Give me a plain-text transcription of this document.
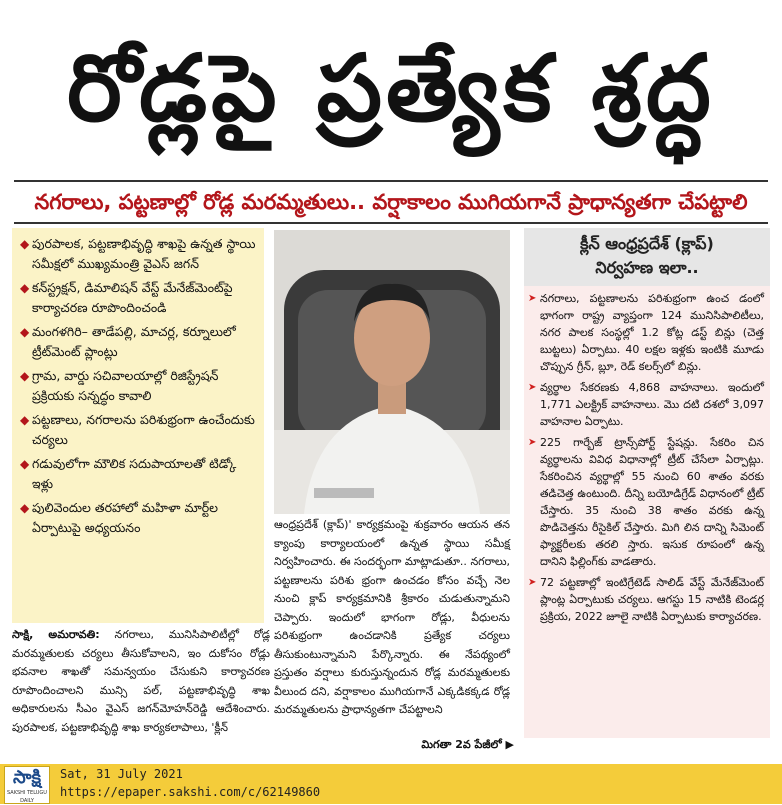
రోడ్లపై ప్రత్యేక శ్రద్ధ
నగరాలు, పట్టణాల్లో రోడ్ల మరమ్మతులు.. వర్షాకాలం ముగియగానే ప్రాధాన్యతగా చేపట్టాలి
◆ పురపాలక, పట్టణాభివృద్ధి శాఖపై ఉన్నత స్థాయి సమీక్షలో ముఖ్యమంత్రి వైఎస్ జగన్
◆ కన్‌స్ట్రక్షన్, డిమాలిషన్ వేస్ట్ మేనేజ్‌మెంట్‌పై కార్యాచరణ రూపొందించండి
◆ మంగళగిరి– తాడేపల్లి, మాచర్ల, కర్నూలులో ట్రీట్‌మెంట్ ప్లాంట్లు
◆ గ్రామ, వార్డు సచివాలయాల్లో రిజిస్ట్రేషన్ ప్రక్రియకు సన్నద్ధం కావాలి
◆ పట్టణాలు, నగరాలను పరిశుభ్రంగా ఉంచేందుకు చర్యలు
◆ గడువులోగా మౌలిక సదుపాయాలతో టిడ్కో ఇళ్లు
◆ పులివెందుల తరహాలో మహిళా మార్ట్‌ల ఏర్పాటుపై అధ్యయనం	ఆంధ్రప్రదేశ్ (క్లాప్)' కార్యక్రమంపై శుక్రవారం ఆయన తన క్యాంపు కార్యాలయంలో ఉన్నత స్థాయి సమీక్ష నిర్వహించారు. ఈ సందర్భంగా మాట్లాడుతూ.. నగరాలు, పట్టణాలను పరిశు భ్రంగా ఉంచడం కోసం వచ్చే నెల నుంచి క్లాప్ కార్యక్రమానికి శ్రీకారం చుడుతున్నామని చెప్పారు. ఇందులో భాగంగా రోడ్లు, వీధులను పరిశుభ్రంగా ఉంచడానికి ప్రత్యేక చర్యలు తీసుకుంటున్నామని పేర్కొన్నారు. ఈ నేపథ్యంలో ప్రస్తుతం వర్షాలు కురుస్తున్నందున రోడ్ల మరమ్మతులకు వీలుంద దని, వర్షాకాలం ముగియగానే ఎక్కడికక్కడ రోడ్ల మరమ్మతులను ప్రాధాన్యతగా చేపట్టాలని
సాక్షి, అమరావతి: నగరాలు, మునిసిపాలిటీల్లో రోడ్ల మరమ్మతులకు చర్యలు తీసుకోవాలని, ఇం దుకోసం రోడ్లు భవనాల శాఖతో సమన్వయం చేసుకుని కార్యాచరణ రూపొందించాలని మున్సి పల్, పట్టణాభివృద్ధి శాఖ అధికారులను సీఎం వైఎస్ జగన్‌మోహన్‌రెడ్డి ఆదేశించారు. పురపాలక, పట్టణాభివృద్ధి శాఖ కార్యకలాపాలు, 'క్లీన్
మిగతా 2వ పేజీలో ▶
క్లీన్ ఆంధ్రప్రదేశ్ (క్లాప్)
నిర్వహణ ఇలా..
➤ నగరాలు, పట్టణాలను పరిశుభ్రంగా ఉంచ డంలో భాగంగా రాష్ట్ర వ్యాప్తంగా 124 మునిసిపాలిటీలు, నగర పాలక సంస్థల్లో 1.2 కోట్ల డస్ట్ బిన్లు (చెత్త బుట్టలు) ఏర్పాటు. 40 లక్షల ఇళ్లకు ఇంటికి మూడు చొప్పున గ్రీన్, బ్లూ, రెడ్ కలర్స్‌లో బిన్లు.
➤ వ్యర్థాల సేకరణకు 4,868 వాహనాలు. ఇందులో 1,771 ఎలక్ట్రిక్ వాహనాలు. మొ దటి దశలో 3,097 వాహనాల ఏర్పాటు.
➤ 225 గార్బేజ్ ట్రాన్స్‌పోర్ట్ స్టేషన్లు. సేకరిం చిన వ్యర్థాలను వివిధ విధానాల్లో ట్రీట్ చేసేలా ఏర్పాట్లు. సేకరించిన వ్యర్థాల్లో 55 నుంచి 60 శాతం వరకు తడిచెత్త ఉంటుంది. దీన్ని బయోడిగ్రేడ్ విధానంలో ట్రీట్ చేస్తారు. 35 నుంచి 38 శాతం వరకు ఉన్న పొడిచెత్తను రీసైకిల్ చేస్తారు. మిగి లిన దాన్ని సిమెంట్ ఫ్యాక్టరీలకు తరలి స్తారు. ఇసుక రూపంలో ఉన్న దానిని ఫిల్లింగ్‌కు వాడతారు.
➤ 72 పట్టణాల్లో ఇంటిగ్రేటెడ్ సాలిడ్ వేస్ట్ మేనేజ్‌మెంట్ ప్లాంట్ల ఏర్పాటుకు చర్యలు. ఆగస్టు 15 నాటికి టెండర్ల ప్రక్రియ, 2022 జూలై నాటికి ఏర్పాటుకు కార్యాచరణ.
సాక్షి
SAKSHI TELUGU DAILY
Sat, 31 July 2021
https://epaper.sakshi.com/c/62149860
